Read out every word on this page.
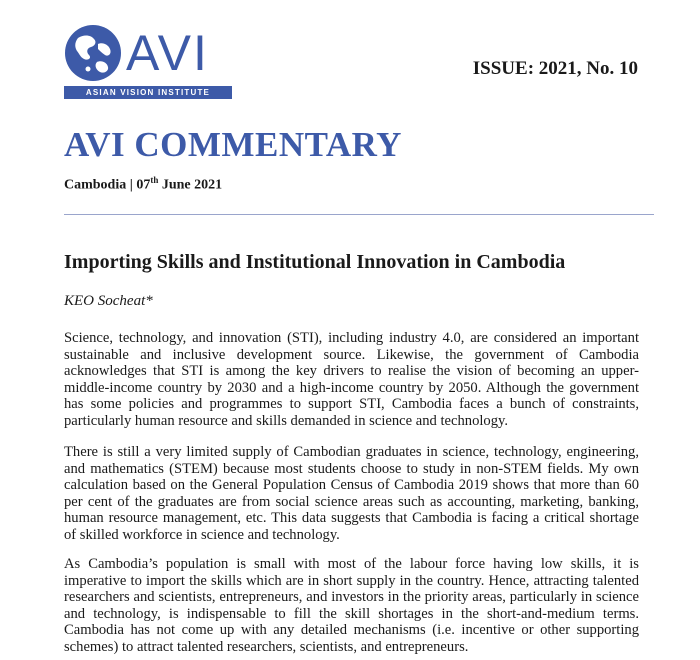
AVI
ASIAN VISION INSTITUTE
ISSUE: 2021, No. 10
AVI COMMENTARY
Cambodia | 07th June 2021
Importing Skills and Institutional Innovation in Cambodia
KEO Socheat*

Science, technology, and innovation (STI), including industry 4.0, are considered an important sustainable and inclusive development source. Likewise, the government of Cambodia acknowledges that STI is among the key drivers to realise the vision of becoming an upper-middle-income country by 2030 and a high-income country by 2050. Although the government has some policies and programmes to support STI, Cambodia faces a bunch of constraints, particularly human resource and skills demanded in science and technology.

There is still a very limited supply of Cambodian graduates in science, technology, engineering, and mathematics (STEM) because most students choose to study in non-STEM fields. My own calculation based on the General Population Census of Cambodia 2019 shows that more than 60 per cent of the graduates are from social science areas such as accounting, marketing, banking, human resource management, etc. This data suggests that Cambodia is facing a critical shortage of skilled workforce in science and technology.

As Cambodia’s population is small with most of the labour force having low skills, it is imperative to import the skills which are in short supply in the country. Hence, attracting talented researchers and scientists, entrepreneurs, and investors in the priority areas, particularly in science and technology, is indispensable to fill the skill shortages in the short-and-medium terms. Cambodia has not come up with any detailed mechanisms (i.e. incentive or other supporting schemes) to attract talented researchers, scientists, and entrepreneurs.
